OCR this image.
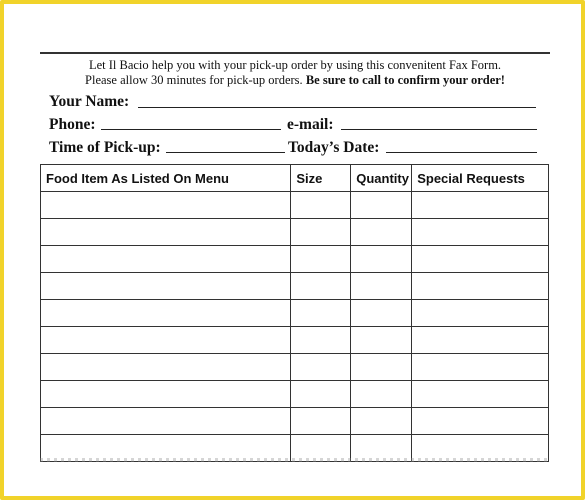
Let Il Bacio help you with your pick-up order by using this convenitent Fax Form.
Please allow 30 minutes for pick-up orders. Be sure to call to confirm your order!
Your Name:
Phone:	e-mail:
Time of Pick-up:	Today’s Date:
Food Item As Listed On Menu	Size	Quantity	Special Requests
